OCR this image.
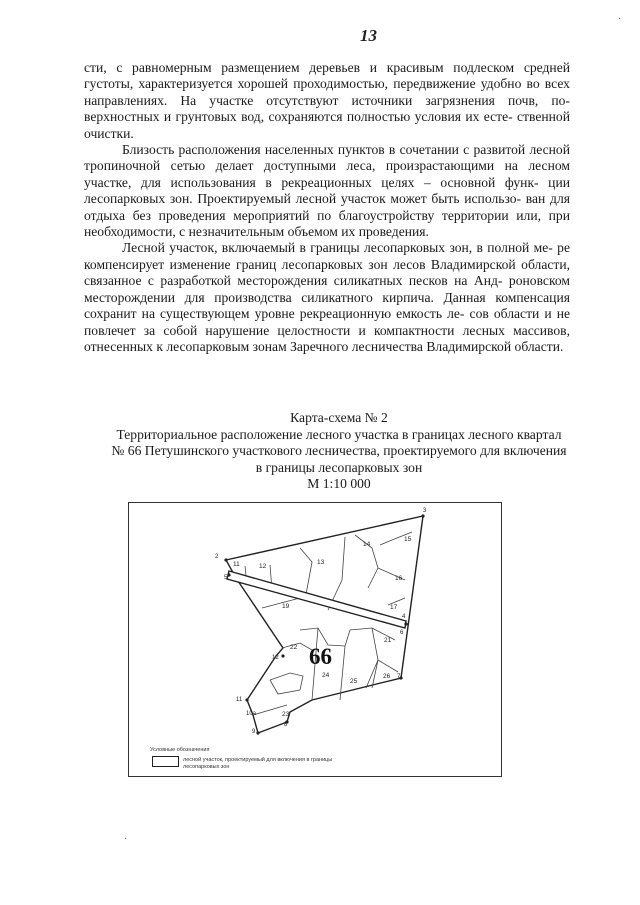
13

сти, с равномерным размещением деревьев и красивым подлеском средней густоты, характеризуется хорошей проходимостью, передвижение удобно во всех направлениях. На участке отсутствуют источники загрязнения почв, по- верхностных и грунтовых вод, сохраняются полностью условия их есте- ственной очистки.

Близость расположения населенных пунктов в сочетании с развитой лесной тропиночной сетью делает доступными леса, произрастающими на лесном участке, для использования в рекреационных целях – основной функ- ции лесопарковых зон. Проектируемый лесной участок может быть использо- ван для отдыха без проведения мероприятий по благоустройству территории или, при необходимости, с незначительным объемом их проведения.

Лесной участок, включаемый в границы лесопарковых зон, в полной ме- ре компенсирует изменение границ лесопарковых зон лесов Владимирской области, связанное с разработкой месторождения силикатных песков на Анд- роновском месторождении для производства силикатного кирпича. Данная компенсация сохранит на существующем уровне рекреационную емкость ле- сов области и не повлечет за собой нарушение целостности и компактности лесных массивов, отнесенных к лесопарковым зонам Заречного лесничества Владимирской области.

Карта-схема № 2
Территориальное расположение лесного участка в границах лесного квартал
№ 66 Петушинского участкового лесничества, проектируемого для включения
в границы лесопарковых зон
М 1:10 000
66
11	12
13
14
15
16
17
19
21
22
23
24
25
26
2
3
4
5
6
7
8
9
11
12
10а
Условные обозначения
лесной участок, проектируемый для включения в границы
лесопарковых зон
·
·
